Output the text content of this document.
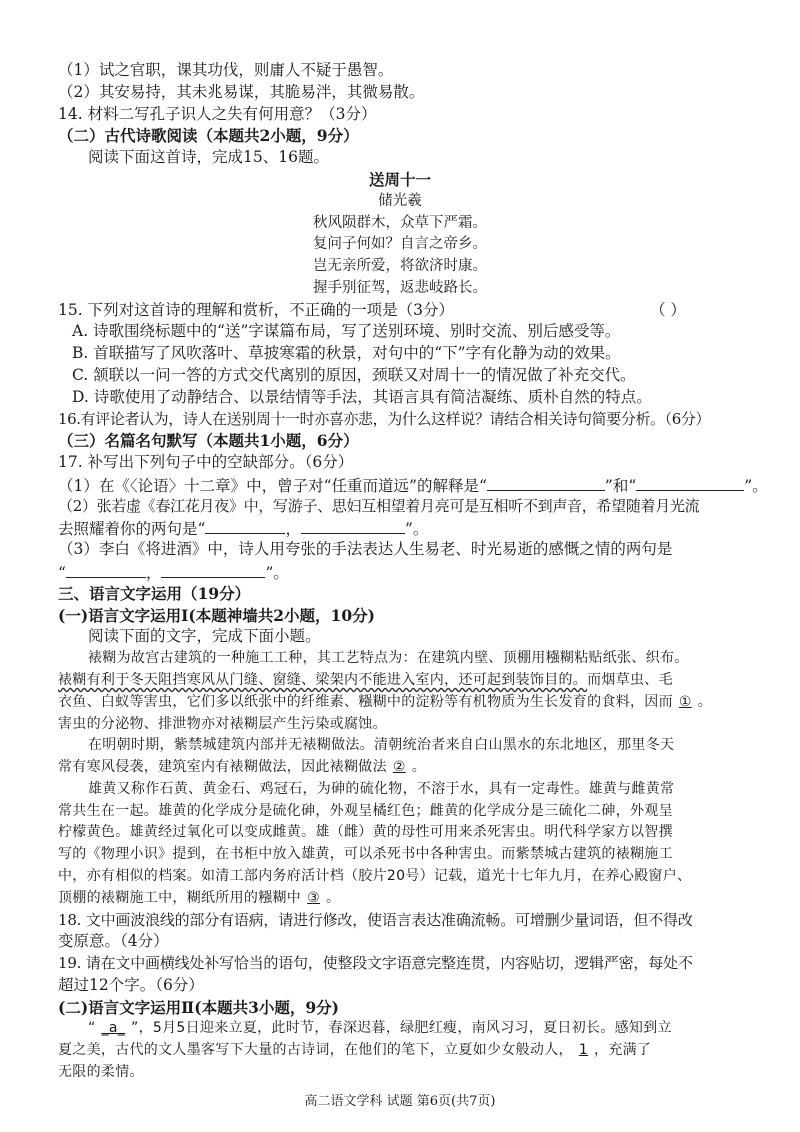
（1）试之官职，课其功伐，则庸人不疑于愚智。
（2）其安易持，其未兆易谋，其脆易泮，其微易散。
14. 材料二写孔子识人之失有何用意？（3分）
（二）古代诗歌阅读（本题共2小题，9分）
阅读下面这首诗，完成15、16题。
送周十一
储光羲
秋风陨群木，众草下严霜。
复问子何如？自言之帝乡。
岂无亲所爱，将欲济时康。
握手别征驾，返悲岐路长。
15. 下列对这首诗的理解和赏析，不正确的一项是（3分）	（ ）
A. 诗歌围绕标题中的“送”字谋篇布局，写了送别环境、别时交流、别后感受等。
B. 首联描写了风吹落叶、草披寒霜的秋景，对句中的“下”字有化静为动的效果。
C. 颔联以一问一答的方式交代离别的原因，颈联又对周十一的情况做了补充交代。
D. 诗歌使用了动静结合、以景结情等手法，其语言具有简洁凝练、质朴自然的特点。
16.有评论者认为，诗人在送别周十一时亦喜亦悲，为什么这样说？请结合相关诗句简要分析。（6分）
（三）名篇名句默写（本题共1小题，6分）
17. 补写出下列句子中的空缺部分。（6分）
（1）在《〈论语〉十二章》中，曾子对“任重而道远”的解释是“	”和“	”。
（2）张若虚《春江花月夜》中，写游子、思妇互相望着月亮可是互相听不到声音，希望随着月光流
去照耀着你的两句是“	，	”。
（3）李白《将进酒》中，诗人用夸张的手法表达人生易老、时光易逝的感慨之情的两句是
“	，	”。
三、语言文字运用（19分）
(一)语言文字运用Ⅰ(本题神墙共2小题，10分)
阅读下面的文字，完成下面小题。
裱糊为故宫古建筑的一种施工工种，其工艺特点为：在建筑内壁、顶棚用糨糊粘贴纸张、织布。
裱糊有利于冬天阻挡寒风从门缝、窗缝、梁架内不能进入室内，还可起到装饰目的。而烟草虫、毛
衣鱼、白蚁等害虫，它们多以纸张中的纤维素、糨糊中的淀粉等有机物质为生长发育的食料，因而 ① 。
害虫的分泌物、排泄物亦对裱糊层产生污染或腐蚀。
在明朝时期，紫禁城建筑内部并无裱糊做法。清朝统治者来自白山黑水的东北地区，那里冬天
常有寒风侵袭，建筑室内有裱糊做法，因此裱糊做法 ② 。
雄黄又称作石黄、黄金石、鸡冠石，为砷的硫化物，不溶于水，具有一定毒性。雄黄与雌黄常
常共生在一起。雄黄的化学成分是硫化砷，外观呈橘红色；雌黄的化学成分是三硫化二砷，外观呈
柠檬黄色。雄黄经过氧化可以变成雌黄。雄（雌）黄的母性可用来杀死害虫。明代科学家方以智撰
写的《物理小识》提到，在书柜中放入雄黄，可以杀死书中各种害虫。而紫禁城古建筑的裱糊施工
中，亦有相似的档案。如清工部内务府活计档（胶片20号）记载，道光十七年九月，在养心殿窗户、
顶棚的裱糊施工中，糊纸所用的糨糊中 ③ 。
18. 文中画波浪线的部分有语病，请进行修改，使语言表达准确流畅。可增删少量词语，但不得改
变原意。（4分）
19. 请在文中画横线处补写恰当的语句，使整段文字语意完整连贯，内容贴切，逻辑严密，每处不
超过12个字。（6分）
(二)语言文字运用Ⅱ(本题共3小题，9分)
高二语文学科 试题 第6页(共7页)
“ _a_ ”，5月5日迎来立夏，此时节，春深迟暮，绿肥红瘦，南风习习，夏日初长。感知到立
夏之美，古代的文人墨客写下大量的古诗词，在他们的笔下，立夏如少女般动人， 1 ，充满了
无限的柔情。
